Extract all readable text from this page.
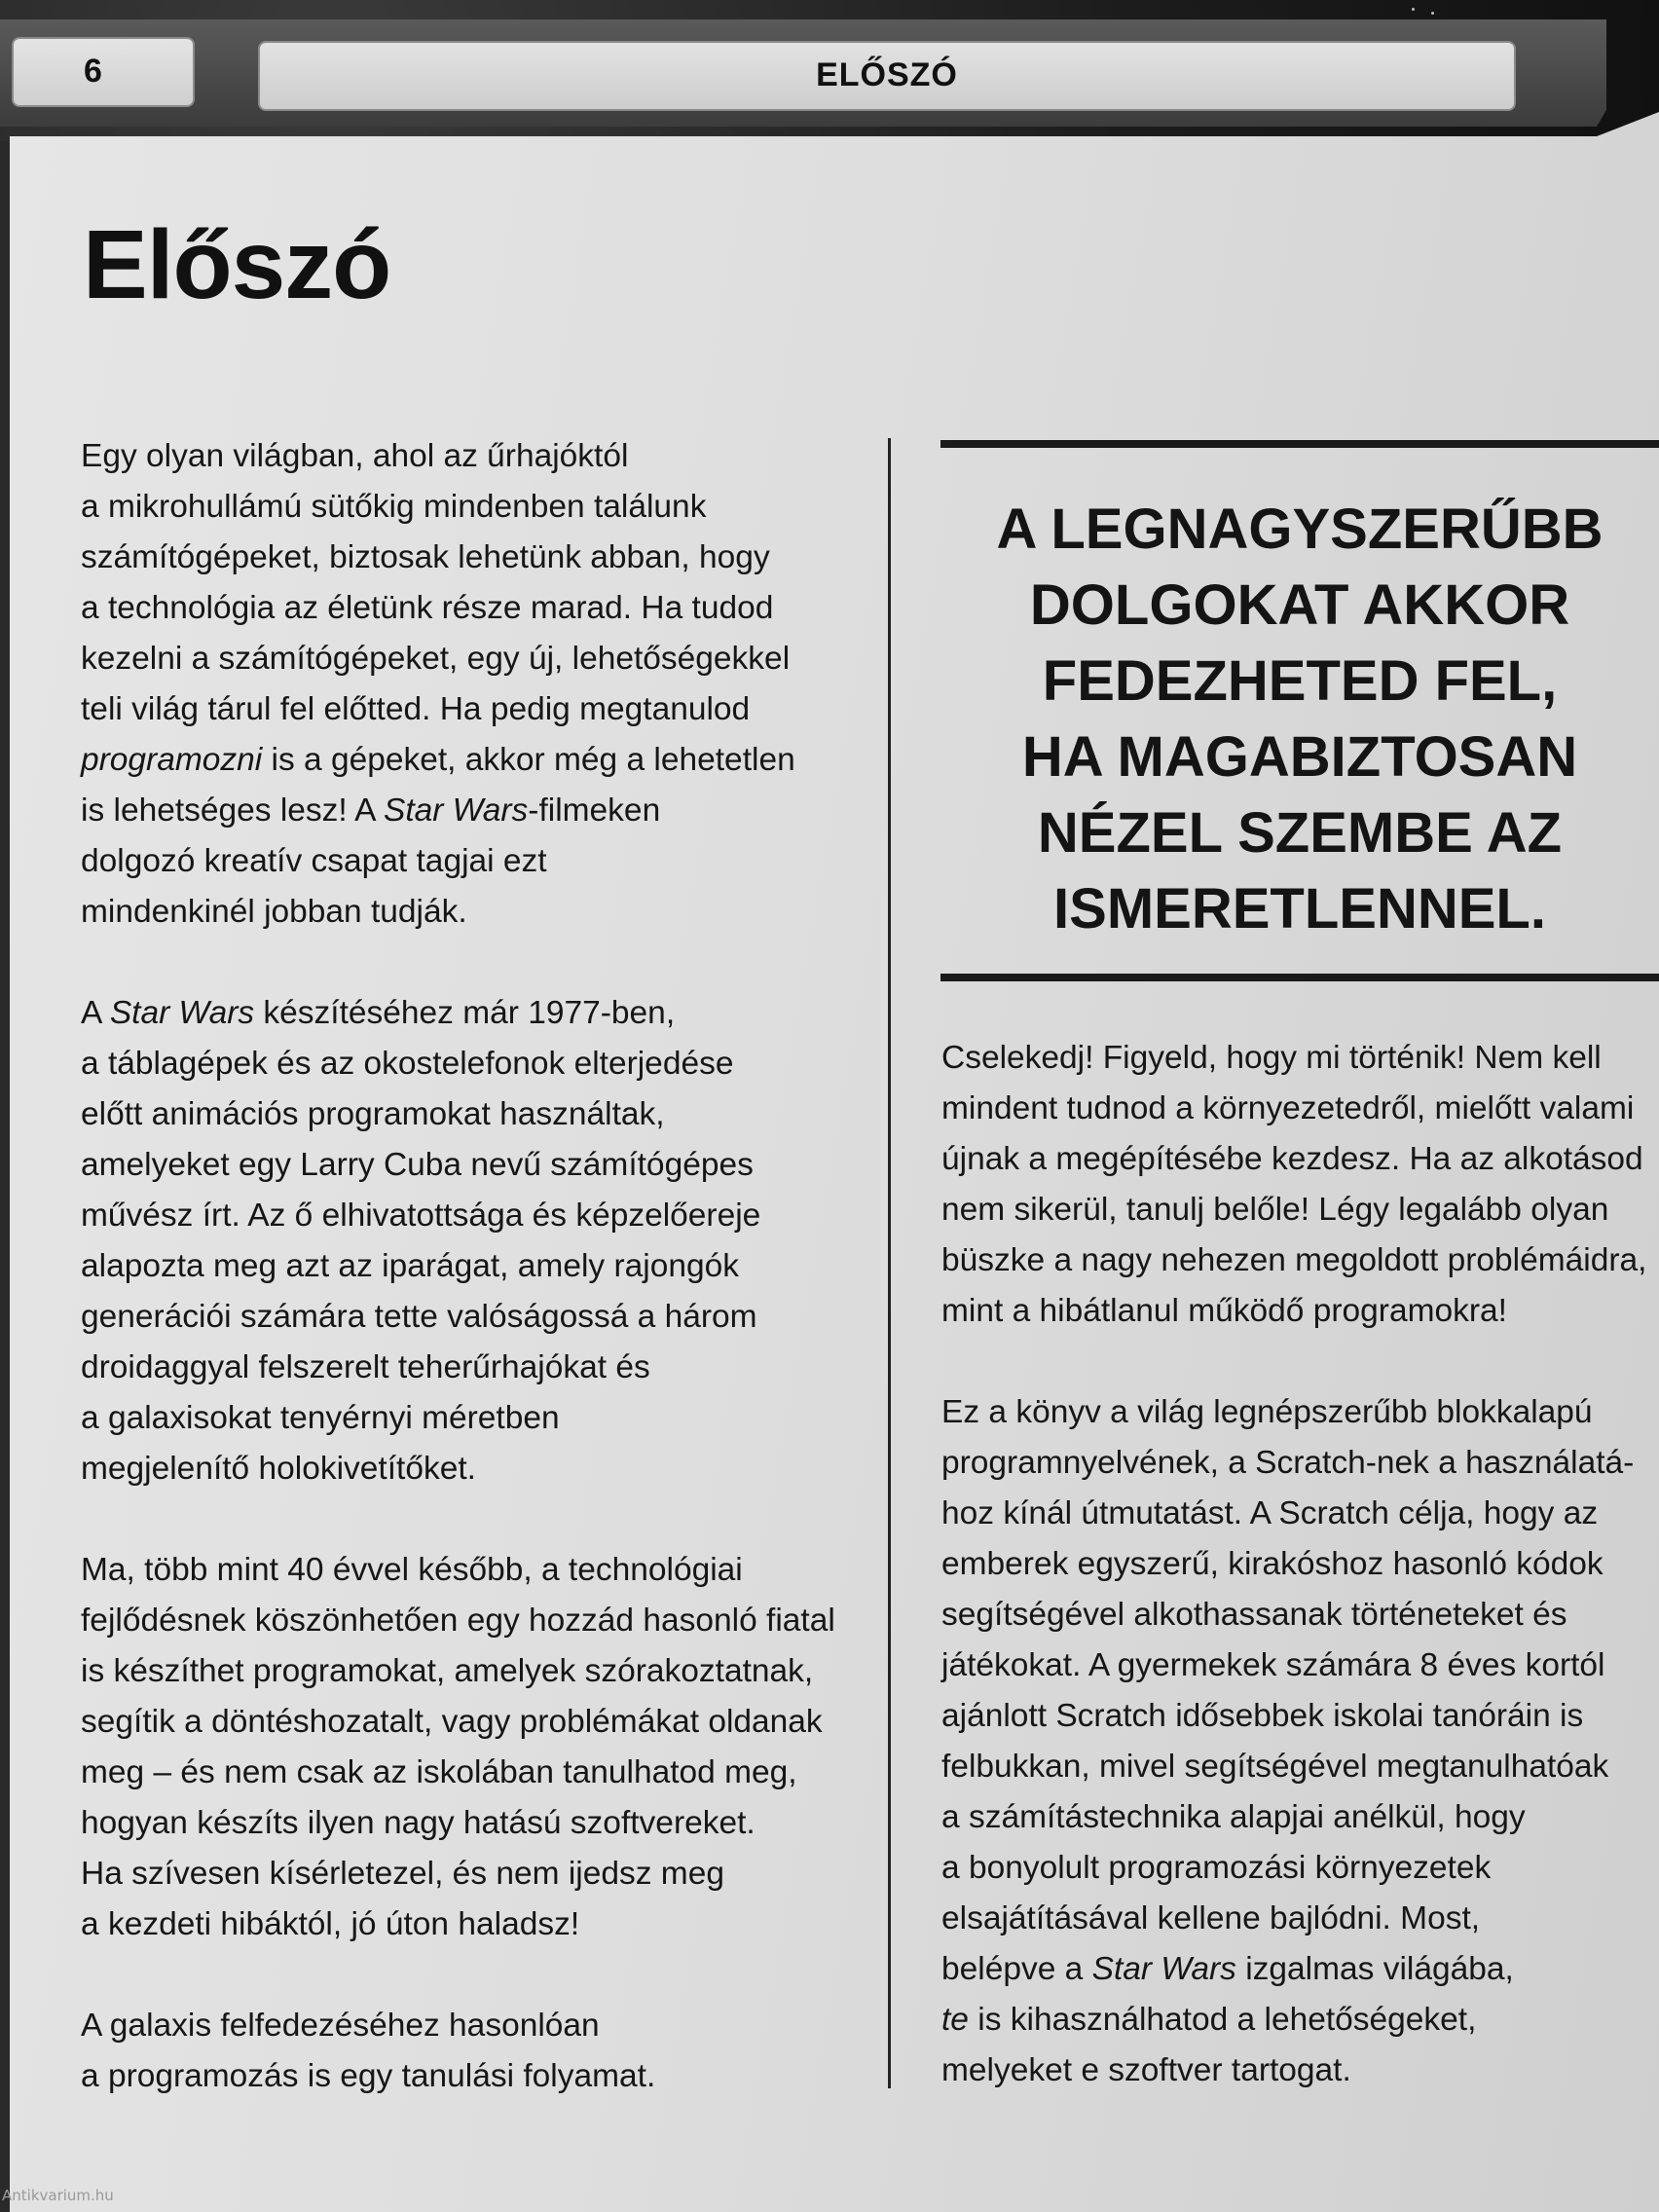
6	ELŐSZÓ
Előszó

Egy olyan világban, ahol az űrhajóktól
a mikrohullámú sütőkig mindenben találunk
számítógépeket, biztosak lehetünk abban, hogy
a technológia az életünk része marad. Ha tudod
kezelni a számítógépeket, egy új, lehetőségekkel
teli világ tárul fel előtted. Ha pedig megtanulod
programozni is a gépeket, akkor még a lehetetlen
is lehetséges lesz! A Star Wars-filmeken
dolgozó kreatív csapat tagjai ezt
mindenkinél jobban tudják.

A Star Wars készítéséhez már 1977-ben,
a táblagépek és az okostelefonok elterjedése
előtt animációs programokat használtak,
amelyeket egy Larry Cuba nevű számítógépes
művész írt. Az ő elhivatottsága és képzelőereje
alapozta meg azt az iparágat, amely rajongók
generációi számára tette valóságossá a három
droidaggyal felszerelt teherűrhajókat és
a galaxisokat tenyérnyi méretben
megjelenítő holokivetítőket.

Ma, több mint 40 évvel később, a technológiai
fejlődésnek köszönhetően egy hozzád hasonló fiatal
is készíthet programokat, amelyek szórakoztatnak,
segítik a döntéshozatalt, vagy problémákat oldanak
meg – és nem csak az iskolában tanulhatod meg,
hogyan készíts ilyen nagy hatású szoftvereket.
Ha szívesen kísérletezel, és nem ijedsz meg
a kezdeti hibáktól, jó úton haladsz!

A galaxis felfedezéséhez hasonlóan
a programozás is egy tanulási folyamat.

A LEGNAGYSZERŰBB
DOLGOKAT AKKOR
FEDEZHETED FEL,
HA MAGABIZTOSAN
NÉZEL SZEMBE AZ
ISMERETLENNEL.

Cselekedj! Figyeld, hogy mi történik! Nem kell
mindent tudnod a környezetedről, mielőtt valami
újnak a megépítésébe kezdesz. Ha az alkotásod
nem sikerül, tanulj belőle! Légy legalább olyan
büszke a nagy nehezen megoldott problémáidra,
mint a hibátlanul működő programokra!

Ez a könyv a világ legnépszerűbb blokkalapú
programnyelvének, a Scratch-nek a használatá-
hoz kínál útmutatást. A Scratch célja, hogy az
emberek egyszerű, kirakóshoz hasonló kódok
segítségével alkothassanak történeteket és
játékokat. A gyermekek számára 8 éves kortól
ajánlott Scratch idősebbek iskolai tanóráin is
felbukkan, mivel segítségével megtanulhatóak
a számítástechnika alapjai anélkül, hogy
a bonyolult programozási környezetek
elsajátításával kellene bajlódni. Most,
belépve a Star Wars izgalmas világába,
te is kihasználhatod a lehetőségeket,
melyeket e szoftver tartogat.

Antikvarium.hu
